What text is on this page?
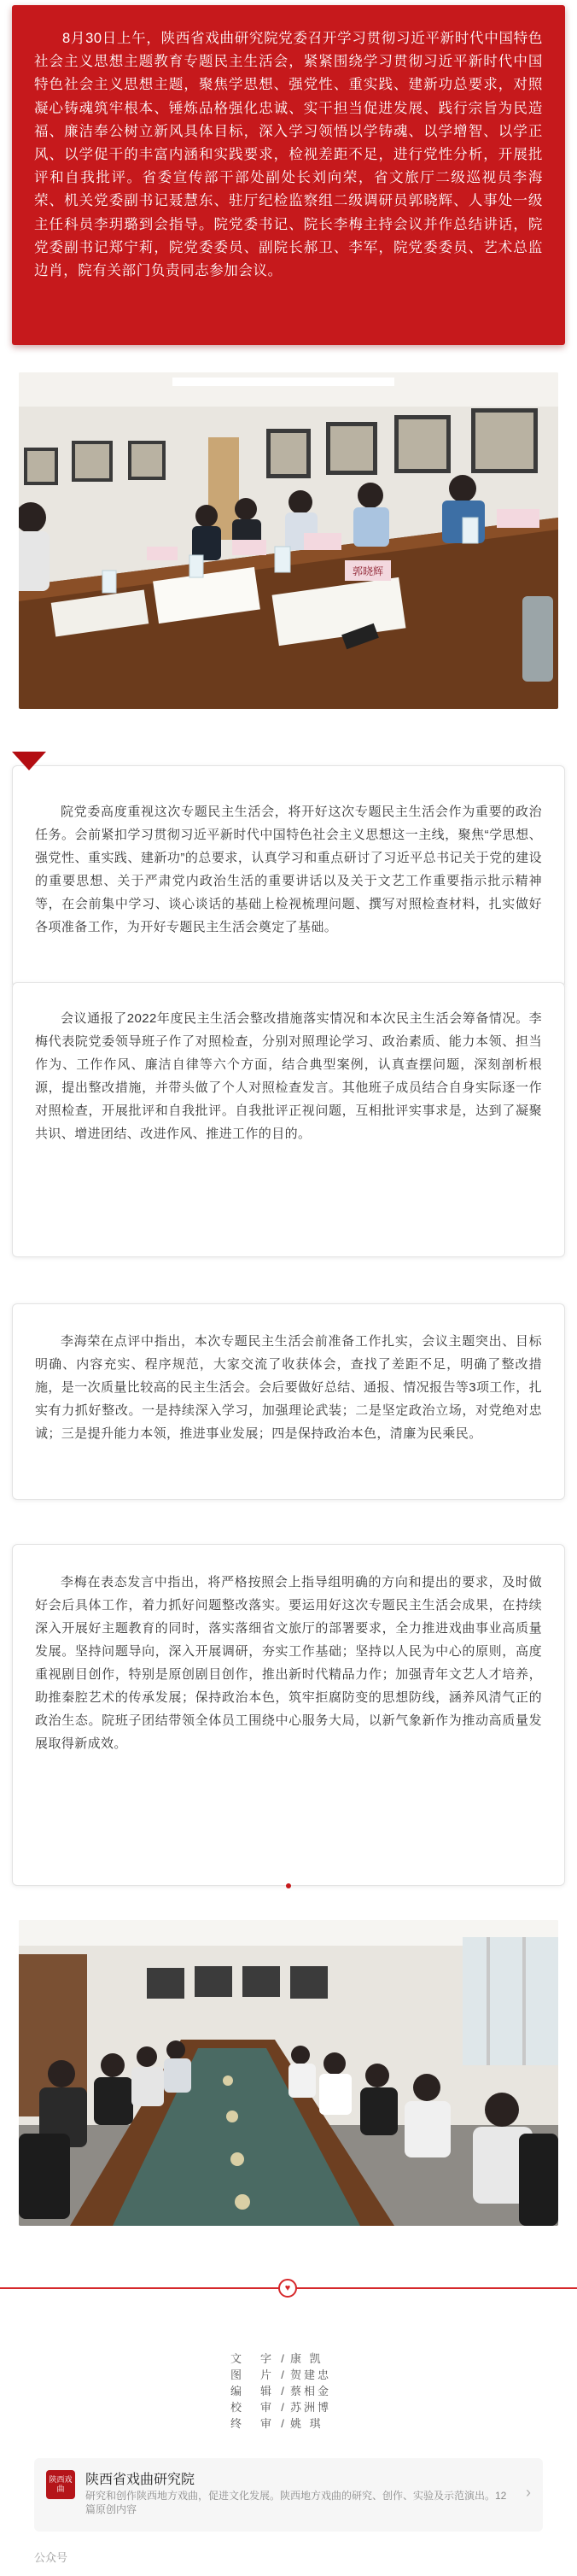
8月30日上午，陕西省戏曲研究院党委召开学习贯彻习近平新时代中国特色社会主义思想主题教育专题民主生活会，紧紧围绕学习贯彻习近平新时代中国特色社会主义思想主题，聚焦学思想、强党性、重实践、建新功总要求，对照凝心铸魂筑牢根本、锤炼品格强化忠诚、实干担当促进发展、践行宗旨为民造福、廉洁奉公树立新风具体目标，深入学习领悟以学铸魂、以学增智、以学正风、以学促干的丰富内涵和实践要求，检视差距不足，进行党性分析，开展批评和自我批评。省委宣传部干部处副处长刘向荣，省文旅厅二级巡视员李海荣、机关党委副书记聂慧东、驻厅纪检监察组二级调研员郭晓辉、人事处一级主任科员李玥璐到会指导。院党委书记、院长李梅主持会议并作总结讲话，院党委副书记郑宁莉，院党委委员、副院长郝卫、李军，院党委委员、艺术总监边肖，院有关部门负责同志参加会议。

郭晓辉

院党委高度重视这次专题民主生活会，将开好这次专题民主生活会作为重要的政治任务。会前紧扣学习贯彻习近平新时代中国特色社会主义思想这一主线，聚焦“学思想、强党性、重实践、建新功”的总要求，认真学习和重点研讨了习近平总书记关于党的建设的重要思想、关于严肃党内政治生活的重要讲话以及关于文艺工作重要指示批示精神等，在会前集中学习、谈心谈话的基础上检视梳理问题、撰写对照检查材料，扎实做好各项准备工作，为开好专题民主生活会奠定了基础。

会议通报了2022年度民主生活会整改措施落实情况和本次民主生活会筹备情况。李梅代表院党委领导班子作了对照检查，分别对照理论学习、政治素质、能力本领、担当作为、工作作风、廉洁自律等六个方面，结合典型案例，认真查摆问题，深刻剖析根源，提出整改措施，并带头做了个人对照检查发言。其他班子成员结合自身实际逐一作对照检查，开展批评和自我批评。自我批评正视问题，互相批评实事求是，达到了凝聚共识、增进团结、改进作风、推进工作的目的。

李海荣在点评中指出，本次专题民主生活会前准备工作扎实，会议主题突出、目标明确、内容充实、程序规范，大家交流了收获体会，查找了差距不足，明确了整改措施，是一次质量比较高的民主生活会。会后要做好总结、通报、情况报告等3项工作，扎实有力抓好整改。一是持续深入学习，加强理论武装；二是坚定政治立场，对党绝对忠诚；三是提升能力本领，推进事业发展；四是保持政治本色，清廉为民乘民。

李梅在表态发言中指出，将严格按照会上指导组明确的方向和提出的要求，及时做好会后具体工作，着力抓好问题整改落实。要运用好这次专题民主生活会成果，在持续深入开展好主题教育的同时，落实落细省文旅厅的部署要求，全力推进戏曲事业高质量发展。坚持问题导向，深入开展调研，夯实工作基础；坚持以人民为中心的原则，高度重视剧目创作，特别是原创剧目创作，推出新时代精品力作；加强青年文艺人才培养，助推秦腔艺术的传承发展；保持政治本色，筑牢拒腐防变的思想防线，涵养风清气正的政治生态。院班子团结带领全体员工围绕中心服务大局，以新气象新作为推动高质量发展取得新成效。

♥
文字 / 康 凯
图片 / 贺建忠
编辑 / 蔡相金
校审 / 苏洲博
终审 / 姚 琪
陕西戏曲
陕西省戏曲研究院
研究和创作陕西地方戏曲，促进文化发展。陕西地方戏曲的研究、创作、实验及示范演出。12篇原创内容
›
公众号
